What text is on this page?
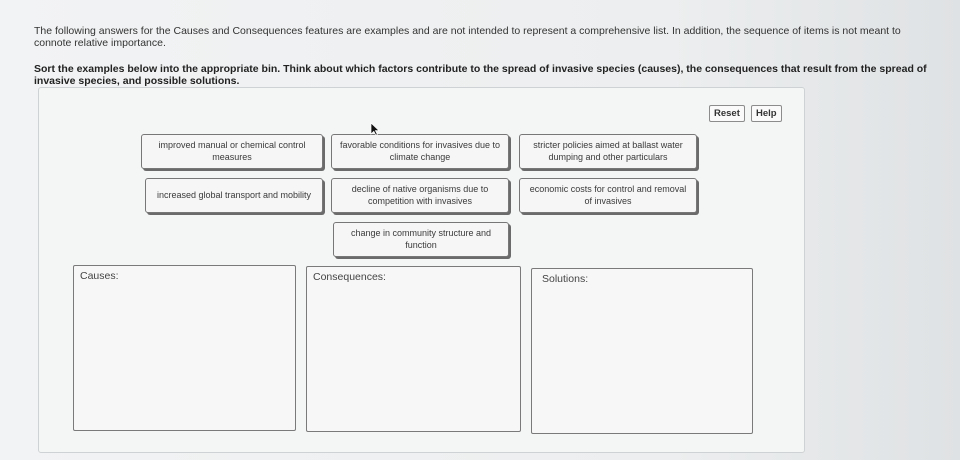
The following answers for the Causes and Consequences features are examples and are not intended to represent a comprehensive list. In addition, the sequence of items is not meant to connote relative importance.

Sort the examples below into the appropriate bin. Think about which factors contribute to the spread of invasive species (causes), the consequences that result from the spread of invasive species, and possible solutions.

Reset	Help
improved manual or chemical control measures
favorable conditions for invasives due to climate change
stricter policies aimed at ballast water dumping and other particulars
increased global transport and mobility
decline of native organisms due to competition with invasives
economic costs for control and removal of invasives
change in community structure and function
Causes:	Consequences:	Solutions:
